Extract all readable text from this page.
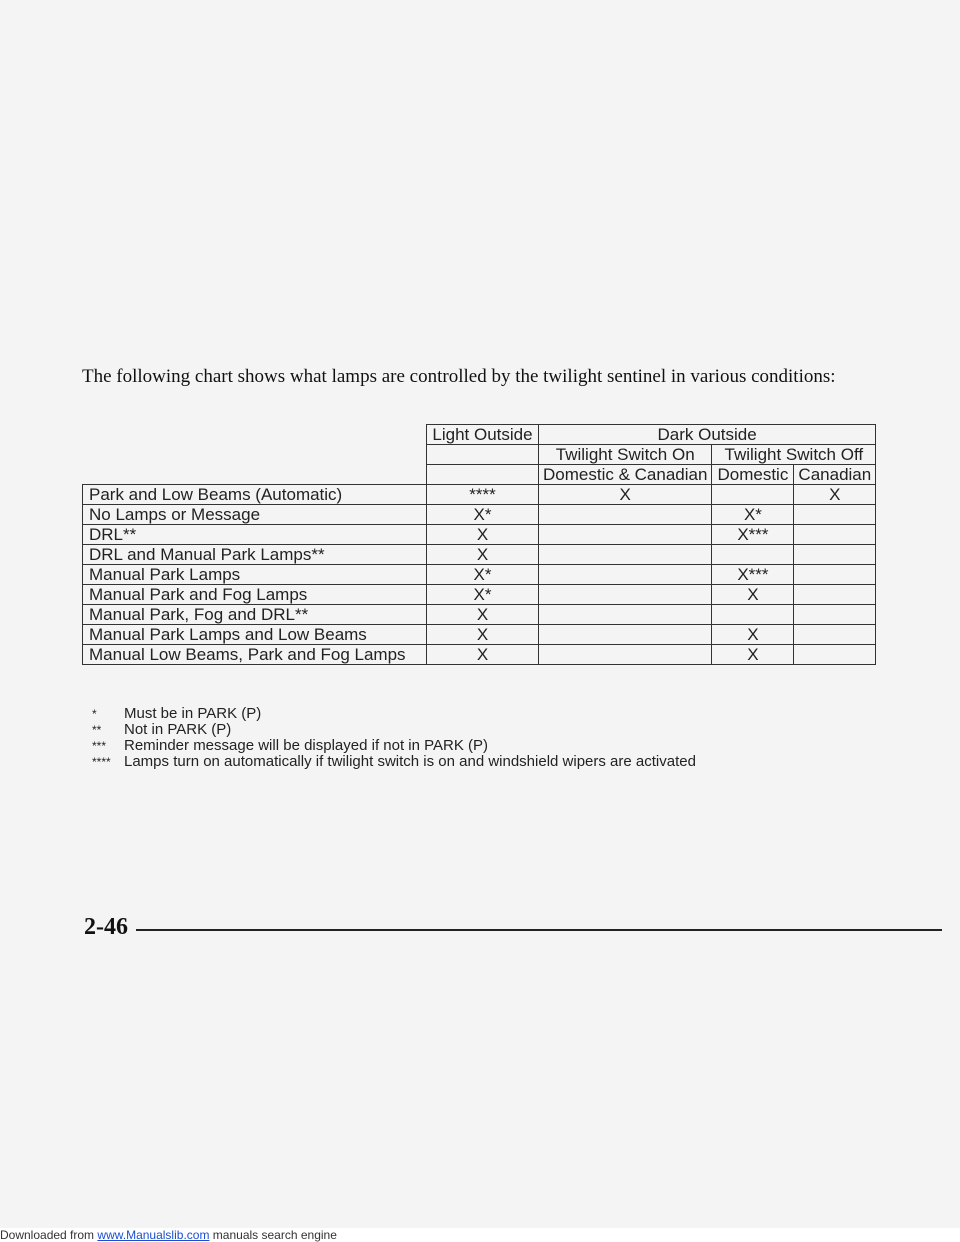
The following chart shows what lamps are controlled by the twilight sentinel in various conditions:
	Light Outside	Dark Outside		
		Twilight Switch On	Twilight Switch Off	
		Domestic & Canadian	Domestic	Canadian
Park and Low Beams (Automatic)	****	X		X
No Lamps or Message	X*		X*	
DRL**	X		X***	
DRL and Manual Park Lamps**	X			
Manual Park Lamps	X*		X***	
Manual Park and Fog Lamps	X*		X	
Manual Park, Fog and DRL**	X			
Manual Park Lamps and Low Beams	X		X	
Manual Low Beams, Park and Fog Lamps	X		X	
*	Must be in PARK (P)
**	Not in PARK (P)
***	Reminder message will be displayed if not in PARK (P)
**** Lamps turn on automatically if twilight switch is on and windshield wipers are activated
2-46
Downloaded from www.Manualslib.com manuals search engine
